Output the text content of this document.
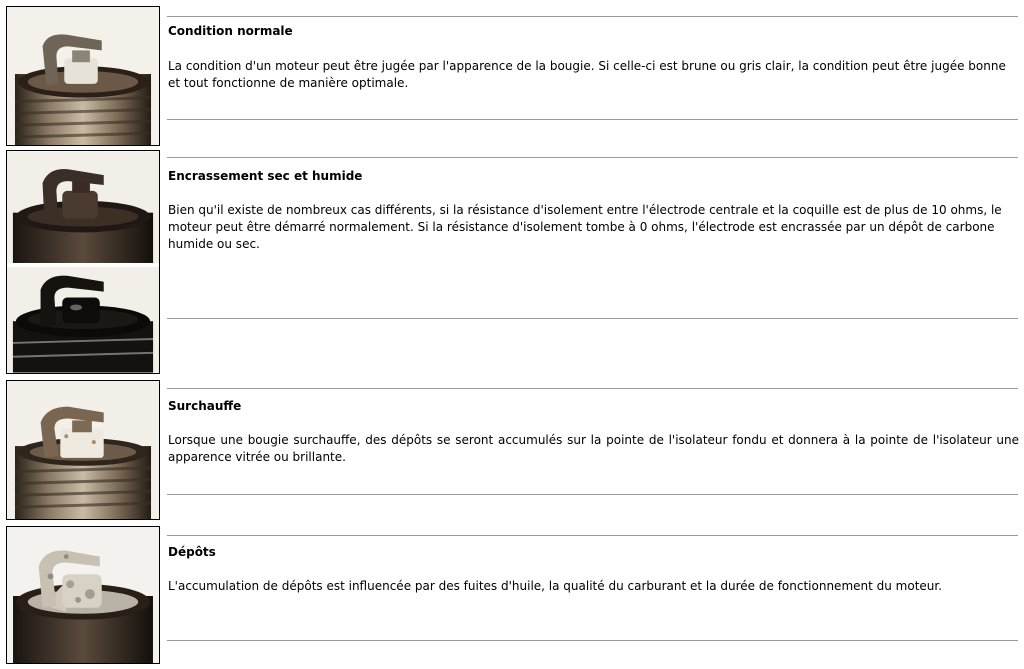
Condition normale

La condition d'un moteur peut être jugée par l'apparence de la bougie. Si celle-ci est brune ou gris clair, la condition peut être jugée bonne et tout fonctionne de manière optimale.

Encrassement sec et humide

Bien qu'il existe de nombreux cas différents, si la résistance d'isolement entre l'électrode centrale et la coquille est de plus de 10 ohms, le moteur peut être démarré normalement. Si la résistance d'isolement tombe à 0 ohms, l'électrode est encrassée par un dépôt de carbone humide ou sec.

Surchauffe

Lorsque une bougie surchauffe, des dépôts se seront accumulés sur la pointe de l'isolateur fondu et donnera à la pointe de l'isolateur une apparence vitrée ou brillante.

Dépôts

L'accumulation de dépôts est influencée par des fuites d'huile, la qualité du carburant et la durée de fonctionnement du moteur.
